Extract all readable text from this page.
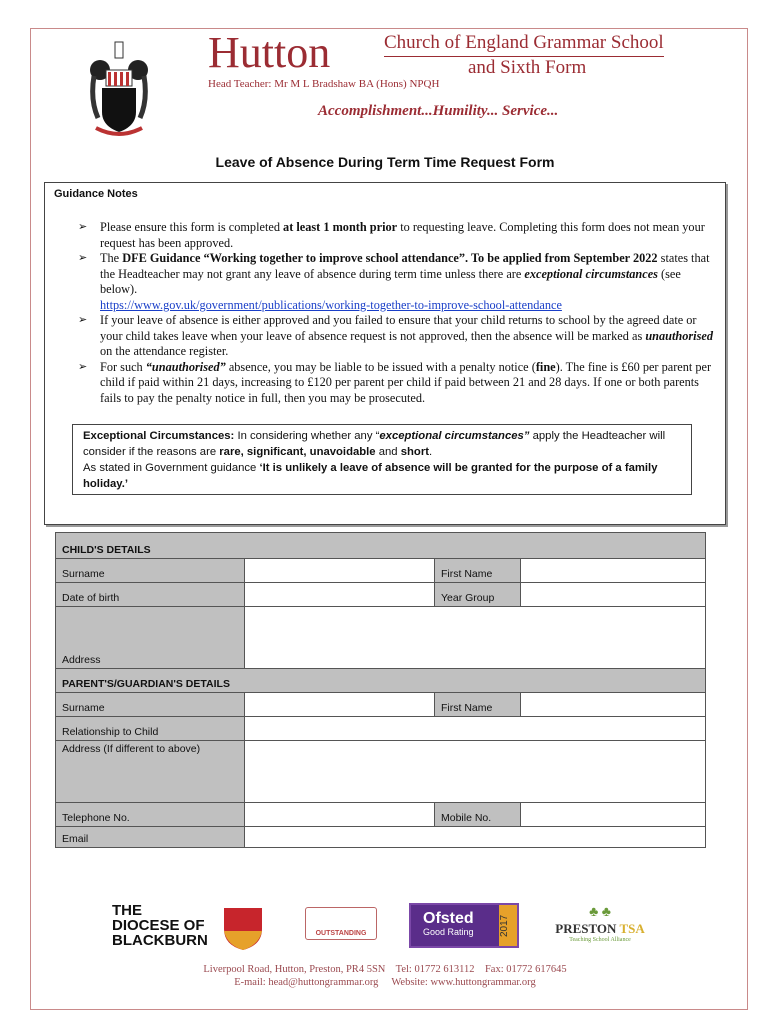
Hutton	Church of England Grammar School
and Sixth Form
Head Teacher: Mr M L Bradshaw BA (Hons) NPQH
Accomplishment...Humility... Service...
Leave of Absence During Term Time Request Form
Guidance Notes
➢ Please ensure this form is completed at least 1 month prior to requesting leave. Completing this form does not mean your request has been approved.
➢ The DFE Guidance “Working together to improve school attendance”. To be applied from September 2022 states that the Headteacher may not grant any leave of absence during term time unless there are exceptional circumstances (see below).
https://www.gov.uk/government/publications/working-together-to-improve-school-attendance
➢ If your leave of absence is either approved and you failed to ensure that your child returns to school by the agreed date or your child takes leave when your leave of absence request is not approved, then the absence will be marked as unauthorised on the attendance register.
➢ For such “unauthorised” absence, you may be liable to be issued with a penalty notice (fine). The fine is £60 per parent per child if paid within 21 days, increasing to £120 per parent per child if paid between 21 and 28 days. If one or both parents fails to pay the penalty notice in full, then you may be prosecuted.
Exceptional Circumstances: In considering whether any “exceptional circumstances” apply the Headteacher will consider if the reasons are rare, significant, unavoidable and short.
As stated in Government guidance ‘It is unlikely a leave of absence will be granted for the purpose of a family holiday.’
CHILD'S DETAILS
Surname	First Name
Date of birth	Year Group
Address
PARENT'S/GUARDIAN'S DETAILS
Surname	First Name
Relationship to Child
Address (If different to above)
Telephone No.	Mobile No.
Email
THE DIOCESE OF BLACKBURN	OUTSTANDING
Ofsted
Good Rating	2017
♣ ♣
PRESTON TSA
Teaching School Alliance
Liverpool Road, Hutton, Preston, PR4 5SN    Tel: 01772 613112    Fax: 01772 617645
E-mail: head@huttongrammar.org     Website: www.huttongrammar.org
